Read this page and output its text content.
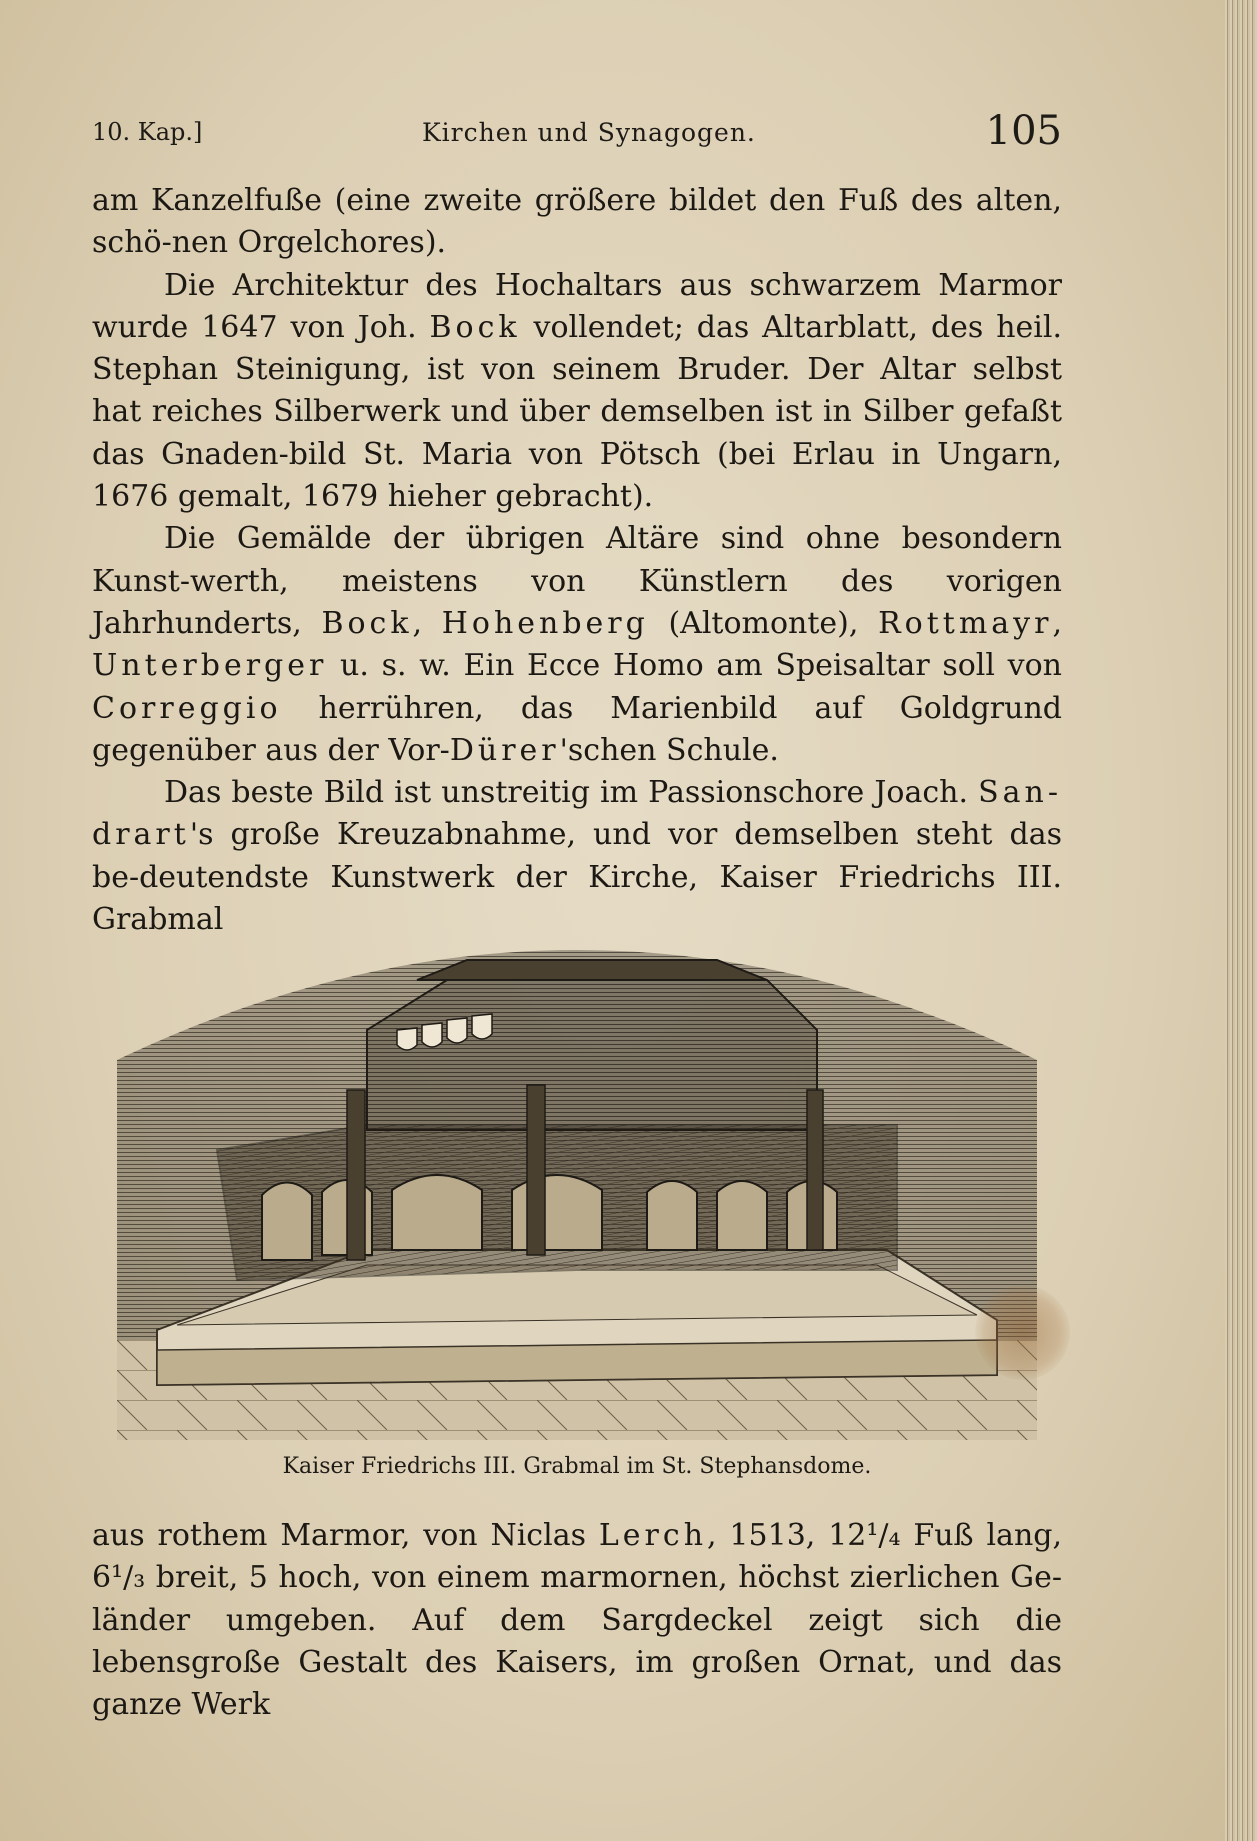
10. Kap.]	Kirchen und Synagogen.	105

am Kanzelfuße (eine zweite größere bildet den Fuß des alten, schö-nen Orgelchores).

Die Architektur des Hochaltars aus schwarzem Marmor wurde 1647 von Joh. Bock vollendet; das Altarblatt, des heil. Stephan Steinigung, ist von seinem Bruder. Der Altar selbst hat reiches Silberwerk und über demselben ist in Silber gefaßt das Gnaden-bild St. Maria von Pötsch (bei Erlau in Ungarn, 1676 gemalt, 1679 hieher gebracht).

Die Gemälde der übrigen Altäre sind ohne besondern Kunst-werth, meistens von Künstlern des vorigen Jahrhunderts, Bock, Hohenberg (Altomonte), Rottmayr, Unterberger u. s. w. Ein Ecce Homo am Speisaltar soll von Correggio herrühren, das Marienbild auf Goldgrund gegenüber aus der Vor-Dürer'schen Schule.

Das beste Bild ist unstreitig im Passionschore Joach. San-drart's große Kreuzabnahme, und vor demselben steht das be-deutendste Kunstwerk der Kirche, Kaiser Friedrichs III. Grabmal

Kaiser Friedrichs III. Grabmal im St. Stephansdome.

aus rothem Marmor, von Niclas Lerch, 1513, 12¹/₄ Fuß lang, 6¹/₃ breit, 5 hoch, von einem marmornen, höchst zierlichen Ge-länder umgeben. Auf dem Sargdeckel zeigt sich die lebensgroße Gestalt des Kaisers, im großen Ornat, und das ganze Werk
